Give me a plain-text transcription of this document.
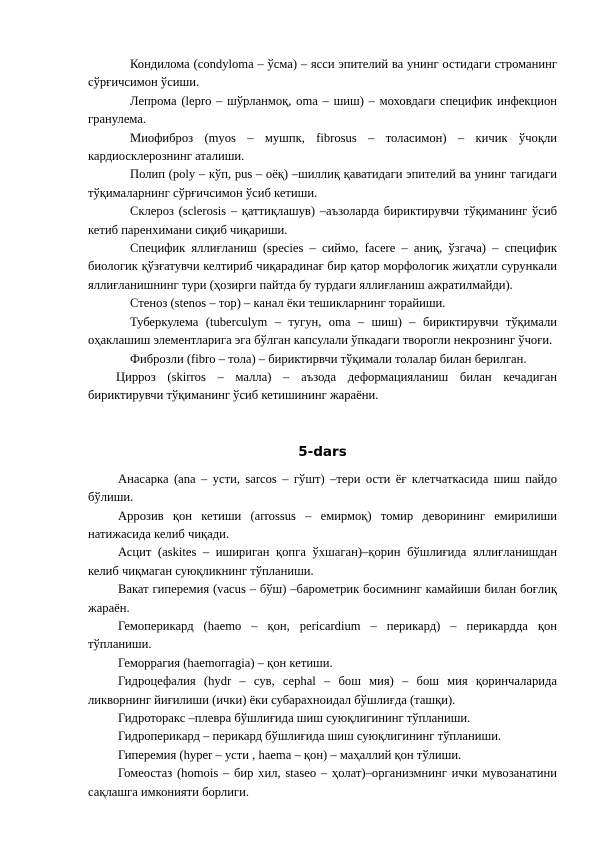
Кондилома (condyloma – ўсма) – ясси эпителий ва унинг остидаги строманинг сўрғичсимон ўсиши.

Лепрома (lepro – шўрланмоқ, oma – шиш) – моховдаги специфик инфекцион гранулема.

Миофиброз (myos – мушпк, fibrosus – толасимон) – кичик ўчоқли кардиосклерознинг аталиши.

Полип (poly – кўп, pus – оёқ) –шиллиқ қаватидаги эпителий ва унинг тагидаги тўқималарнинг сўрғичсимон ўсиб кетиши.

Склероз (sclerosis – қаттиқлашув) –аъзоларда бириктирувчи тўқиманинг ўсиб кетиб паренхимани сиқиб чиқариши.

Специфик яллиғланиш (species – сиймо, facere – аниқ, ўзгача) – специфик биологик қўзғатувчи келтириб чиқарадинағ бир қатор морфологик жиҳатли сурункали яллиғланишнинг тури (ҳозирги пайтда бу турдаги яллиғланиш ажратилмайди).

Стеноз (stenos – тор) – канал ёки тешикларнинг торайиши.

Туберкулема (tuberculym – тугун, oma – шиш) – бириктирувчи тўқимали оҳаклашиш элементларига эга бўлган капсулали ўпкадаги творогли некрознинг ўчоғи.

Фиброзли (fibro – тола) – бириктирвчи тўқимали толалар билан берилган.

Цирроз (skirros – малла) – аъзода деформацияланиш билан кечадиган бириктирувчи тўқиманинг ўсиб кетишининг жараёни.

5-dars

Анасарка (ana – усти, sarcos – гўшт) –тери ости ёғ клетчаткасида шиш пайдо бўлиши.

Аррозив қон кетиши (arrossus – емирмоқ) томир деворининг емирилиши натижасида келиб чиқади.

Асцит (askites – ишириган қопга ўхшаган)–қорин бўшлиғида яллиғланишдан келиб чиқмаган суюқликнинг тўпланиши.

Вакат гиперемия (vacus – бўш) –барометрик босимнинг камайиши билан боғлиқ жараён.

Гемоперикард (haemo – қон, pericardium – перикард) – перикардда қон тўпланиши.

Геморрагия (haemorragia) – қон кетиши.

Гидроцефалия (hydr – сув, cephal – бош мия) – бош мия қоринчаларида ликворнинг йиғилиши (ички) ёки субарахноидал бўшлиғда (ташқи).

Гидроторакс –плевра бўшлиғида шиш суюқлигининг тўпланиши.

Гидроперикард – перикард бўшлиғида шиш суюқлигининг тўпланиши.

Гиперемия (hyper – усти , haema – қон) – маҳаллий қон тўлиши.

Гомеостаз (homois – бир хил, staseo – ҳолат)–организмнинг ички мувозанатини сақлашга имконияти борлиги.
